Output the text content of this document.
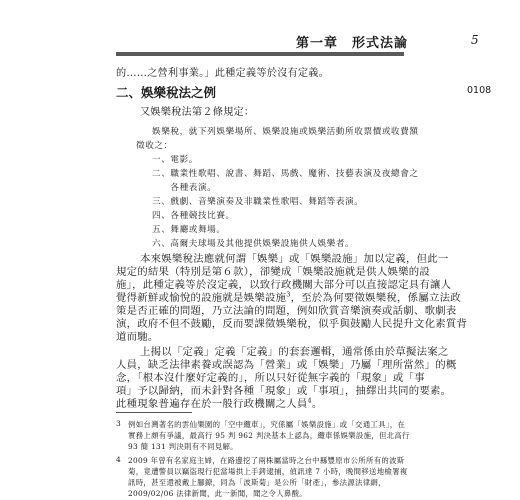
第一章　形式法論	5
的……之營利事業。」此種定義等於沒有定義。
二、娛樂稅法之例	0108
又娛樂稅法第２條規定：
娛樂稅，就下列娛樂場所、娛樂設施或娛樂活動所收票價或收費額
徵收之：
一、電影。
二、職業性歌唱、說書、舞蹈、馬戲、魔術、技藝表演及夜總會之
　　各種表演。
三、戲劇、音樂演奏及非職業性歌唱、舞蹈等表演。
四、各種競技比賽。
五、舞廳或舞場。
六、高爾夫球場及其他提供娛樂設施供人娛樂者。
本來娛樂稅法應就何謂「娛樂」或「娛樂設施」加以定義，但此一
規定的結果（特別是第６款），卻變成「娛樂設施就是供人娛樂的設
施」，此種定義等於沒定義，以致行政機關大部分可以直接認定具有讓人
覺得新鮮或愉悅的設施就是娛樂設施$^3$，至於為何要徵娛樂稅，係屬立法政
策是否正確的問題，乃立法論的問題，例如欣賞音樂演奏或話劇、歌劇表
演，政府不但不鼓勵，反而要課徵娛樂稅，似乎與鼓勵人民提升文化素質背
道而馳。
3 例如台灣著名的雲仙樂園的「空中纜車」，究係屬「娛樂設施」或「交通工具」，在
實務上頗有爭議，最高行 95 判 962 判決基本上認為，纜車係娛樂設施，但北高行
93 簡 131 判決則有不同見解。
4 2009 年曾有名家庭主婦，在路邊挖了兩株屬當時之台中縣豐原市公所所有的波斯
菊，竟遭警員以竊盜現行犯當場拱上手銬逮捕，偵訊達 7 小時，晚間移送地檢署複
訊時，甚至還被戴上腳鐐，同為「波斯菊」是公所「財產」，參法源法律網，
2009/02/06 法律新聞，此一新聞，聞之令人鼻酸。
上揭以「定義」定義「定義」的套套邏輯，通常係由於草擬法案之
人員，缺乏法律素養或誤認為「營業」或「娛樂」乃屬「理所當然」的概
念，「根本沒什麼好定義的」，所以只好從無字義的「現象」或「事
項」予以歸納，而未針對各種「現象」或「事項」，抽繹出共同的要素。
此種現象普遍存在於一般行政機關之人員$^4$。
